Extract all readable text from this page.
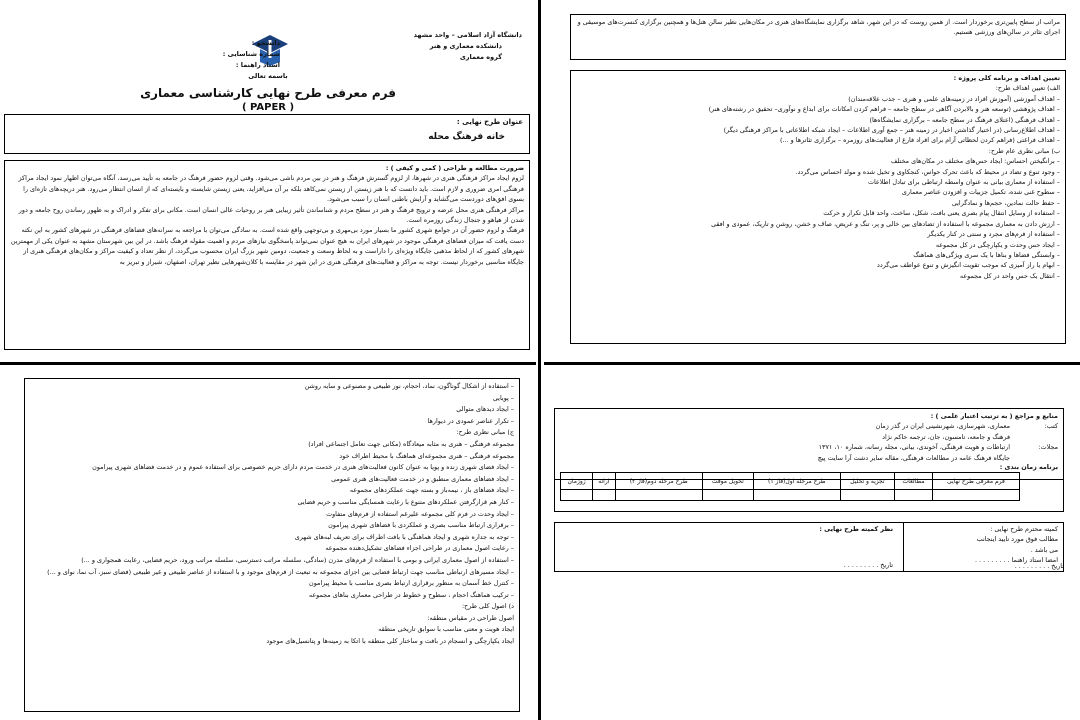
دانشگاه آزاد اسلامی – واحد مشهد
دانشکده معماری و هنر
گروه معماری
دانشجو :
شماره شناسایی :
استاد راهنما :
باسمه تعالی
فرم معرفی طرح نهایی کارشناسی معماری
( PAPER )
عنوان طرح نهایی :
خانه فرهنگ محله
ضرورت مطالعه و طراحی ( کمی و کیفی ) :

لزوم ایجاد مراکز فرهنگی هنری در شهرها، از لزوم گسترش فرهنگ و هنر در بین مردم ناشی می‌شود. وقتی لزوم حضور فرهنگ در جامعه به تأیید می‌رسد، آنگاه می‌توان اظهار نمود ایجاد مراکز فرهنگی امری ضروری و لازم است. باید دانست که با هنر زیستن از زیستن نمی‌کاهد بلکه بر آن می‌افزاید، یعنی زیستن شایسته و بایسته‌ای که از انسان انتظار می‌رود. هنر دریچه‌های تازه‌ای را بسوی افق‌های دوردست می‌گشاید و آرایش باطنی انسان را سبب می‌شود.

مراکز فرهنگی هنری محل عرضه و ترویج فرهنگ و هنر در سطح مردم و شناساندن تأثیر زیبایی هنر بر روحیات عالی انسان است. مکانی برای تفکر و ادراک و به ظهور رساندن روح جامعه و دور شدن از هیاهو و جنجال زندگی روزمره است.

فرهنگ و لزوم حضور آن در جوامع شهری کشور ما بسیار مورد بی‌مهری و بی‌توجهی واقع شده است. به سادگی می‌توان با مراجعه به سرانه‌های فضاهای فرهنگی در شهرهای کشور به این نکته دست یافت که میزان فضاهای فرهنگی موجود در شهرهای ایران به هیچ عنوان نمی‌تواند پاسخگوی نیازهای مردم و اهمیت مقوله فرهنگ باشد. در این بین شهرستان مشهد به عنوان یکی از مهمترین شهرهای کشور که از لحاظ مذهبی جایگاه ویژه‌ای را داراست و به لحاظ وسعت و جمعیت، دومین شهر بزرگ ایران محسوب می‌گردد، از نظر تعداد و کیفیت مراکز و مکان‌های فرهنگی هنری از جایگاه مناسبی برخوردار نیست. توجه به مراکز و فعالیت‌های فرهنگی هنری در این شهر در مقایسه با کلان‌شهرهایی نظیر تهران، اصفهان، شیراز و تبریز به

مراتب از سطح پایین‌تری برخوردار است. از همین روست که در این شهر، شاهد برگزاری نمایشگاه‌های هنری در مکان‌هایی نظیر سالن هتل‌ها و همچنین برگزاری کنسرت‌های موسیقی و اجرای تئاتر در سالن‌های ورزشی هستیم.

تعیین اهداف و برنامه کلی پروژه :
الف) تعیین اهداف طرح:
– اهداف آموزشی (آموزش افراد در زمینه‌های علمی و هنری – جذب علاقه‌مندان)
– اهداف پژوهشی (توسعه هنر و بالابردن آگاهی در سطح جامعه – فراهم کردن امکانات برای ابداع و نوآوری– تحقیق در رشته‌های هنر)
– اهداف فرهنگی (اعتلای فرهنگ در سطح جامعه – برگزاری نمایشگاه‌ها)
– اهداف اطلاع‌رسانی (در اختیار گذاشتن اخبار در زمینه هنر – جمع آوری اطلاعات – ایجاد شبکه اطلاعاتی با مراکز فرهنگی دیگر)
– اهداف فراغتی (فراهم کردن لحظاتی آرام برای افراد فارغ از فعالیت‌های روزمره – برگزاری تئاترها و ...)
ب) مبانی نظری عام طرح:
– برانگیختن احساس: ایجاد حس‌های مختلف در مکان‌های مختلف
– وجود تنوع و تضاد در محیط که باعث تحرک حواس، کنجکاوی و تخیل شده و مولد احساس می‌گردد.
– استفاده از معماری بیانی به عنوان واسطه ارتباطی برای تبادل اطلاعات
– سطوح غنی شده، تکمیل جزییات و افزودن عناصر معماری
– حفظ حالت نمادین، حجم‌ها و نمادگرایی
– استفاده از وسایل انتقال پیام بصری یعنی بافت، شکل، ساخت، واحد قابل تکرار و حرکت
– ارزش دادن به معماری مجموعه با استفاده از تضادهای بین خالی و پر، تنگ و عریض، صاف و خشن، روشن و تاریک، عمودی و افقی
– استفاده از فرم‌های مجرد و سنتی در کنار یکدیگر
– ایجاد حس وحدت و یکپارچگی در کل مجموعه
– وابستگی فضاها و بناها با یک سری ویژگی‌های هماهنگ
– ابهام یا راز آمیزی که موجب تقویت انگیزش و تنوع عواطف می‌گردد
– انتقال یک حس واحد در کل مجموعه
– استفاده از اشکال گوناگون، نماد، احجام، نور طبیعی و مصنوعی و سایه روشن
– پویایی
– ایجاد دیدهای متوالی
– تکرار عناصر عمودی در دیوارها
ج) مبانی نظری طرح:
مجموعه فرهنگی – هنری به مثابه میعادگاه (مکانی جهت تعامل اجتماعی افراد)
مجموعه فرهنگی – هنری مجموعه‌ای هماهنگ با محیط اطراف خود
– ایجاد فضای شهری زنده و پویا به عنوان کانون فعالیت‌های هنری در خدمت مردم دارای حریم خصوصی برای استفاده عموم و در خدمت فضاهای شهری پیرامون
– ایجاد فضاهای معماری منطبق و در خدمت فعالیت‌های هنری عمومی
– ایجاد فضاهای باز ، نیمه‌باز و بسته جهت عملکردهای مجموعه
– کنار هم قرارگرفتن عملکردهای متنوع با رعایت همسایگی مناسب و حریم فضایی
– ایجاد وحدت در فرم کلی مجموعه علیرغم استفاده از فرم‌های متفاوت
– برقراری ارتباط مناسب بصری و عملکردی با فضاهای شهری پیرامون
– توجه به جداره شهری و ایجاد هماهنگی با بافت اطراف برای تعریف لبه‌های شهری
– رعایت اصول معماری در طراحی اجزاء فضاهای تشکیل‌دهنده مجموعه
– استفاده از اصول معماری ایرانی و بومی با استفاده از فرم‌های مدرن (سادگی، سلسله مراتب دسترسی، سلسله مراتب ورود، حریم فضایی، رعایت همجواری و ...)
– ایجاد مسیرهای ارتباطی مناسب جهت ارتباط فضایی بین اجزای مجموعه به تبعیت از فرم‌های موجود و با استفاده از عناصر طبیعی و غیر طبیعی (فضای سبز، آب نما، نوای و ...)
– کنترل خط آسمان به منظور برقراری ارتباط بصری مناسب با محیط پیرامون
– ترکیب هماهنگ احجام ، سطوح و خطوط در طراحی معماری بناهای مجموعه
د) اصول کلی طرح:
اصول طراحی در مقیاس منطقه:
ایجاد هویت و معنی مناسب با سوابق تاریخی منطقه
ایجاد یکپارچگی و انسجام در بافت و ساختار کلی منطقه با اتکا به زمینه‌ها و پتانسیل‌های موجود
منابع و مراجع ( به ترتیب اعتبار علمی ) :
کتب:
معماری، شهرسازی، شهرنشینی ایران در گذر زمان
فرهنگ و جامعه، تامسون، جان، ترجمه حاکم نژاد
مجلات:
ارتباطات و هویت فرهنگی، آخوندی، بیانی، مجله رسانه، شماره ۱۰، ۱۳۷۱
جایگاه فرهنگ عامه در مطالعات فرهنگی، مقاله سایر دشت آرا سایت پیچ
برنامه زمان بندی :
فرم معرفی طرح نهایی	مطالعات	تجزیه و تحلیل	طرح مرحله اول(فاز ۱)	تحویل موقت	طرح مرحله دوم(فاز ۲)	ارائه	ژوژمان

کمیته محترم طرح نهایی :
مطالب فوق مورد تایید اینجانب
می باشد .
امضا استاد راهنما . . . . . . . . .
نظر کمیته طرح نهایی :
تاریخ . . . . . . . . .	تاریخ . . . . . . . . .
